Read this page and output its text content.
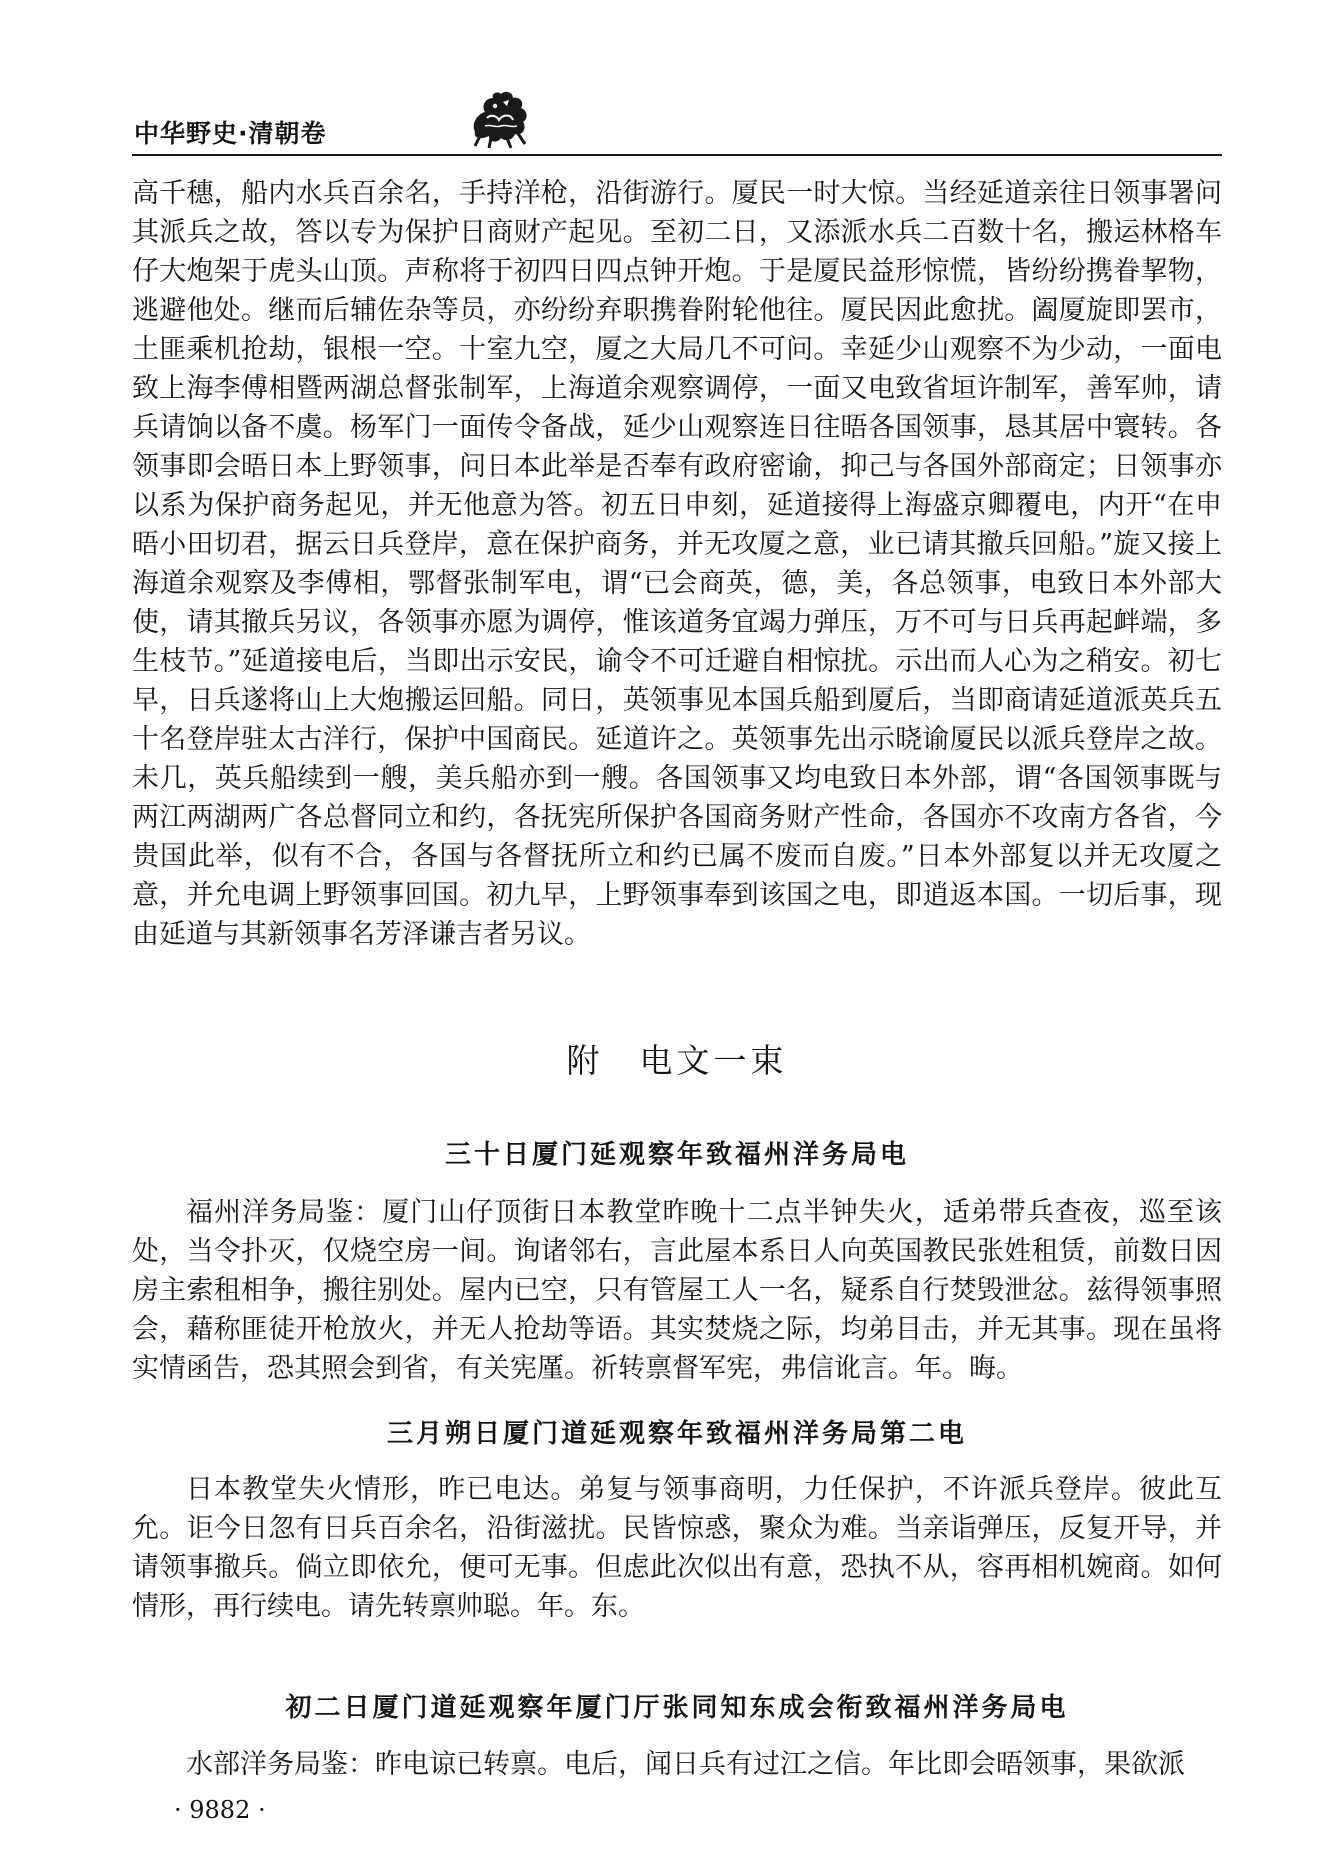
中华野史·清朝卷

高千穗，船内水兵百余名，手持洋枪，沿街游行。厦民一时大惊。当经延道亲往日领事署问其派兵之故，答以专为保护日商财产起见。至初二日，又添派水兵二百数十名，搬运林格车仔大炮架于虎头山顶。声称将于初四日四点钟开炮。于是厦民益形惊慌，皆纷纷携眷挈物，逃避他处。继而后辅佐杂等员，亦纷纷弃职携眷附轮他往。厦民因此愈扰。阖厦旋即罢市，土匪乘机抢劫，银根一空。十室九空，厦之大局几不可问。幸延少山观察不为少动，一面电致上海李傅相暨两湖总督张制军，上海道余观察调停，一面又电致省垣许制军，善军帅，请兵请饷以备不虞。杨军门一面传令备战，延少山观察连日往晤各国领事，恳其居中寰转。各领事即会晤日本上野领事，问日本此举是否奉有政府密谕，抑己与各国外部商定；日领事亦以系为保护商务起见，并无他意为答。初五日申刻，延道接得上海盛京卿覆电，内开“在申晤小田切君，据云日兵登岸，意在保护商务，并无攻厦之意，业已请其撤兵回船。”旋又接上海道余观察及李傅相，鄂督张制军电，谓“已会商英，德，美，各总领事，电致日本外部大使，请其撤兵另议，各领事亦愿为调停，惟该道务宜竭力弹压，万不可与日兵再起衅端，多生枝节。”延道接电后，当即出示安民，谕令不可迁避自相惊扰。示出而人心为之稍安。初七早，日兵遂将山上大炮搬运回船。同日，英领事见本国兵船到厦后，当即商请延道派英兵五十名登岸驻太古洋行，保护中国商民。延道许之。英领事先出示晓谕厦民以派兵登岸之故。未几，英兵船续到一艘，美兵船亦到一艘。各国领事又均电致日本外部，谓“各国领事既与两江两湖两广各总督同立和约，各抚宪所保护各国商务财产性命，各国亦不攻南方各省，今贵国此举，似有不合，各国与各督抚所立和约已属不废而自废。”日本外部复以并无攻厦之意，并允电调上野领事回国。初九早，上野领事奉到该国之电，即逍返本国。一切后事，现由延道与其新领事名芳泽谦吉者另议。

附 电文一束
三十日厦门延观察年致福州洋务局电

福州洋务局鉴：厦门山仔顶街日本教堂昨晚十二点半钟失火，适弟带兵查夜，巡至该处，当令扑灭，仅烧空房一间。询诸邻右，言此屋本系日人向英国教民张姓租赁，前数日因房主索租相争，搬往别处。屋内已空，只有管屋工人一名，疑系自行焚毁泄忿。兹得领事照会，藉称匪徒开枪放火，并无人抢劫等语。其实焚烧之际，均弟目击，并无其事。现在虽将实情函告，恐其照会到省，有关宪厪。祈转禀督军宪，弗信讹言。年。晦。

三月朔日厦门道延观察年致福州洋务局第二电

日本教堂失火情形，昨已电达。弟复与领事商明，力任保护，不许派兵登岸。彼此互允。讵今日忽有日兵百余名，沿街滋扰。民皆惊惑，聚众为难。当亲诣弹压，反复开导，并请领事撤兵。倘立即依允，便可无事。但虑此次似出有意，恐执不从，容再相机婉商。如何情形，再行续电。请先转禀帅聪。年。东。

初二日厦门道延观察年厦门厅张同知东成会衔致福州洋务局电

水部洋务局鉴：昨电谅已转禀。电后，闻日兵有过江之信。年比即会晤领事，果欲派

· 9882 ·
